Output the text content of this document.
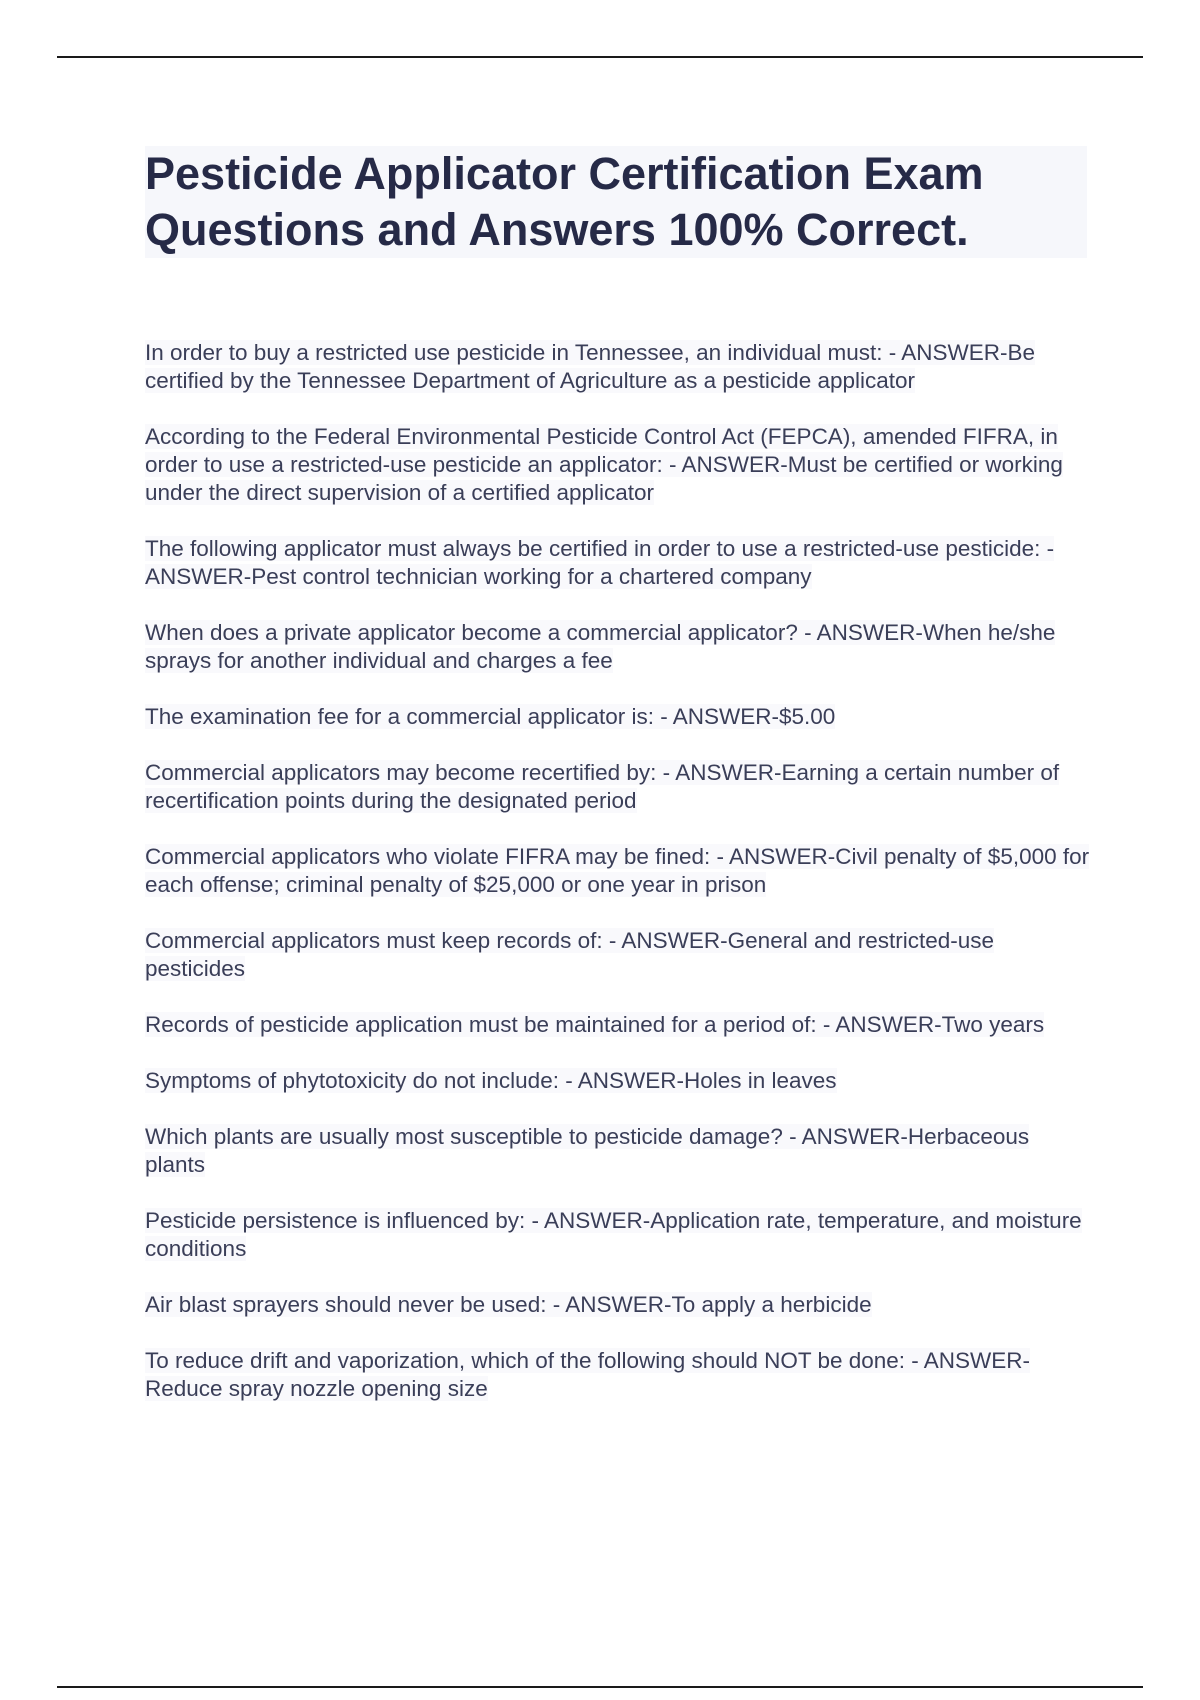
Pesticide Applicator Certification Exam Questions and Answers 100% Correct.
In order to buy a restricted use pesticide in Tennessee, an individual must: - ANSWER-Be certified by the Tennessee Department of Agriculture as a pesticide applicator
According to the Federal Environmental Pesticide Control Act (FEPCA), amended FIFRA, in order to use a restricted-use pesticide an applicator: - ANSWER-Must be certified or working under the direct supervision of a certified applicator
The following applicator must always be certified in order to use a restricted-use pesticide: - ANSWER-Pest control technician working for a chartered company
When does a private applicator become a commercial applicator? - ANSWER-When he/she sprays for another individual and charges a fee
The examination fee for a commercial applicator is: - ANSWER-$5.00
Commercial applicators may become recertified by: - ANSWER-Earning a certain number of recertification points during the designated period
Commercial applicators who violate FIFRA may be fined: - ANSWER-Civil penalty of $5,000 for each offense; criminal penalty of $25,000 or one year in prison
Commercial applicators must keep records of: - ANSWER-General and restricted-use pesticides
Records of pesticide application must be maintained for a period of: - ANSWER-Two years
Symptoms of phytotoxicity do not include: - ANSWER-Holes in leaves
Which plants are usually most susceptible to pesticide damage? - ANSWER-Herbaceous plants
Pesticide persistence is influenced by: - ANSWER-Application rate, temperature, and moisture conditions
Air blast sprayers should never be used: - ANSWER-To apply a herbicide
To reduce drift and vaporization, which of the following should NOT be done: - ANSWER-Reduce spray nozzle opening size
